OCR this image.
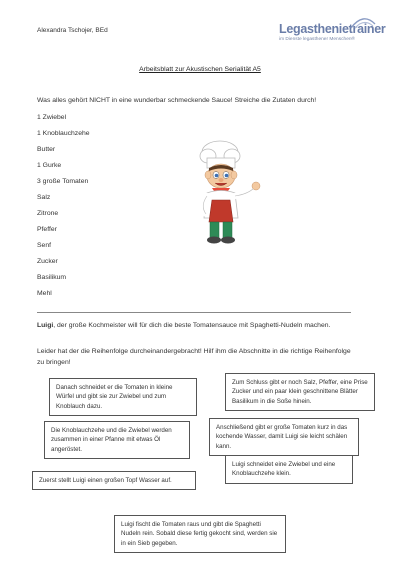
Alexandra Tschojer, BEd	Legasthenietrainer
im Dienste legasthener Menschen®
Arbeitsblatt zur Akustischen Serialität A5
Was alles gehört NICHT in eine wunderbar schmeckende Sauce! Streiche die Zutaten durch!
1 Zwiebel
1 Knoblauchzehe
Butter
1 Gurke
3 große Tomaten
Salz
Zitrone
Pfeffer
Senf
Zucker
Basilikum
Mehl
Luigi, der große Kochmeister will für dich die beste Tomatensauce mit Spaghetti-Nudeln machen.
Leider hat der die Reihenfolge durcheinandergebracht! Hilf ihm die Abschnitte in die richtige Reihenfolge zu bringen!
Danach schneidet er die Tomaten in kleine Würfel und gibt sie zur Zwiebel und zum Knoblauch dazu.
Zum Schluss gibt er noch Salz, Pfeffer, eine Prise Zucker und ein paar klein geschnittene Blätter Basilikum in die Soße hinein.
Die Knoblauchzehe und die Zwiebel werden zusammen in einer Pfanne mit etwas Öl angeröstet.
Anschließend gibt er große Tomaten kurz in das kochende Wasser, damit Luigi sie leicht schälen kann.
Luigi schneidet eine Zwiebel und eine Knoblauchzehe klein.
Zuerst stellt Luigi einen großen Topf Wasser auf.
Luigi fischt die Tomaten raus und gibt die Spaghetti Nudeln rein. Sobald diese fertig gekocht sind, werden sie in ein Sieb gegeben.
